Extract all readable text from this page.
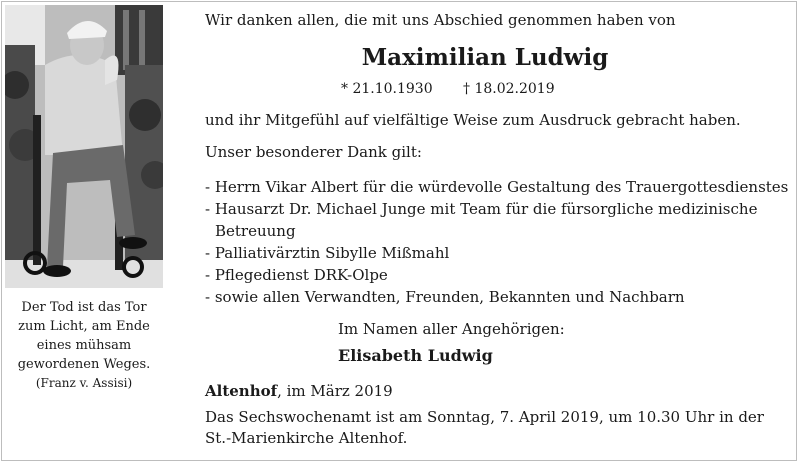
Der Tod ist das Tor
zum Licht, am Ende
eines mühsam
gewordenen Weges.
(Franz v. Assisi)
Wir danken allen, die mit uns Abschied genommen haben von
Maximilian Ludwig
* 21.10.1930 † 18.02.2019
und ihr Mitgefühl auf vielfältige Weise zum Ausdruck gebracht haben.
Unser besonderer Dank gilt:
- Herrn Vikar Albert für die würdevolle Gestaltung des Trauergottesdienstes
- Hausarzt Dr. Michael Junge mit Team für die fürsorgliche medizinische
Betreuung
- Palliativärztin Sibylle Mißmahl
- Pflegedienst DRK-Olpe
- sowie allen Verwandten, Freunden, Bekannten und Nachbarn
Im Namen aller Angehörigen:
Elisabeth Ludwig
Altenhof, im März 2019
Das Sechswochenamt ist am Sonntag, 7. April 2019, um 10.30 Uhr in der
St.-Marienkirche Altenhof.
